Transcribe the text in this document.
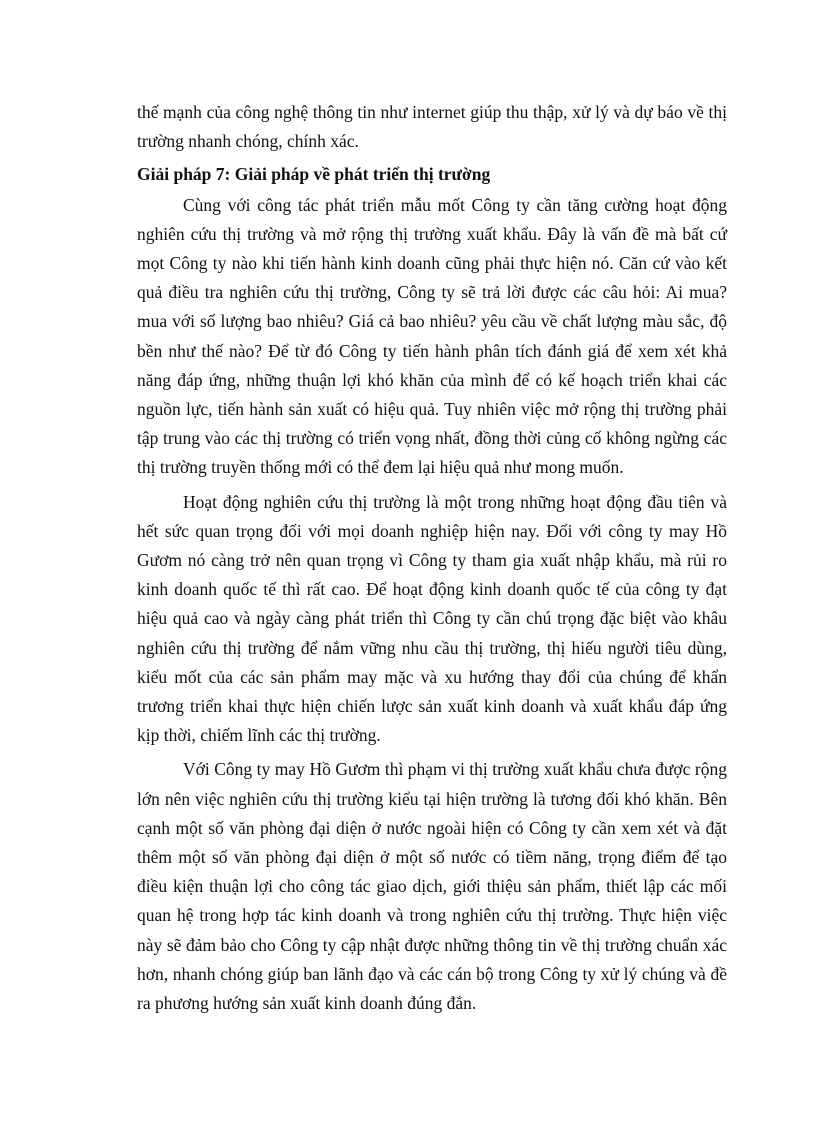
thế mạnh của công nghệ thông tin như internet giúp thu thập, xử lý và dự báo về thị trường nhanh chóng, chính xác.

Giải pháp 7: Giải pháp về phát triển thị trường

Cùng với công tác phát triển mẫu mốt Công ty cần tăng cường hoạt động nghiên cứu thị trường và mở rộng thị trường xuất khẩu. Đây là vấn đề mà bất cứ mọt Công ty nào khi tiến hành kinh doanh cũng phải thực hiện nó. Căn cứ vào kết quả điều tra nghiên cứu thị trường, Công ty sẽ trả lời được các câu hỏi: Ai mua? mua với số lượng bao nhiêu? Giá cả bao nhiêu? yêu cầu về chất lượng màu sắc, độ bền như thế nào? Để từ đó Công ty tiến hành phân tích đánh giá để xem xét khả năng đáp ứng, những thuận lợi khó khăn của mình để có kế hoạch triển khai các nguồn lực, tiến hành sản xuất có hiệu quả. Tuy nhiên việc mở rộng thị trường phải tập trung vào các thị trường có triển vọng nhất, đồng thời củng cố không ngừng các thị trường truyền thống mới có thể đem lại hiệu quả như mong muốn.

Hoạt động nghiên cứu thị trường là một trong những hoạt động đầu tiên và hết sức quan trọng đối với mọi doanh nghiệp hiện nay. Đối với công ty may Hồ Gươm nó càng trở nên quan trọng vì Công ty tham gia xuất nhập khẩu, mà rủi ro kinh doanh quốc tế thì rất cao. Để hoạt động kinh doanh quốc tế của công ty đạt hiệu quả cao và ngày càng phát triển thì Công ty cần chú trọng đặc biệt vào khâu nghiên cứu thị trường để nắm vững nhu cầu thị trường, thị hiếu người tiêu dùng, kiểu mốt của các sản phẩm may mặc và xu hướng thay đổi của chúng để khẩn trương triển khai thực hiện chiến lược sản xuất kinh doanh và xuất khẩu đáp ứng kịp thời, chiếm lĩnh các thị trường.

Với Công ty may Hồ Gươm thì phạm vi thị trường xuất khẩu chưa được rộng lớn nên việc nghiên cứu thị trường kiểu tại hiện trường là tương đối khó khăn. Bên cạnh một số văn phòng đại diện ở nước ngoài hiện có Công ty cần xem xét và đặt thêm một số văn phòng đại diện ở một số nước có tiềm năng, trọng điểm để tạo điều kiện thuận lợi cho công tác giao dịch, giới thiệu sản phẩm, thiết lập các mối quan hệ trong hợp tác kinh doanh và trong nghiên cứu thị trường. Thực hiện việc này sẽ đảm bảo cho Công ty cập nhật được những thông tin về thị trường chuẩn xác hơn, nhanh chóng giúp ban lãnh đạo và các cán bộ trong Công ty xử lý chúng và đề ra phương hướng sản xuất kinh doanh đúng đắn.
